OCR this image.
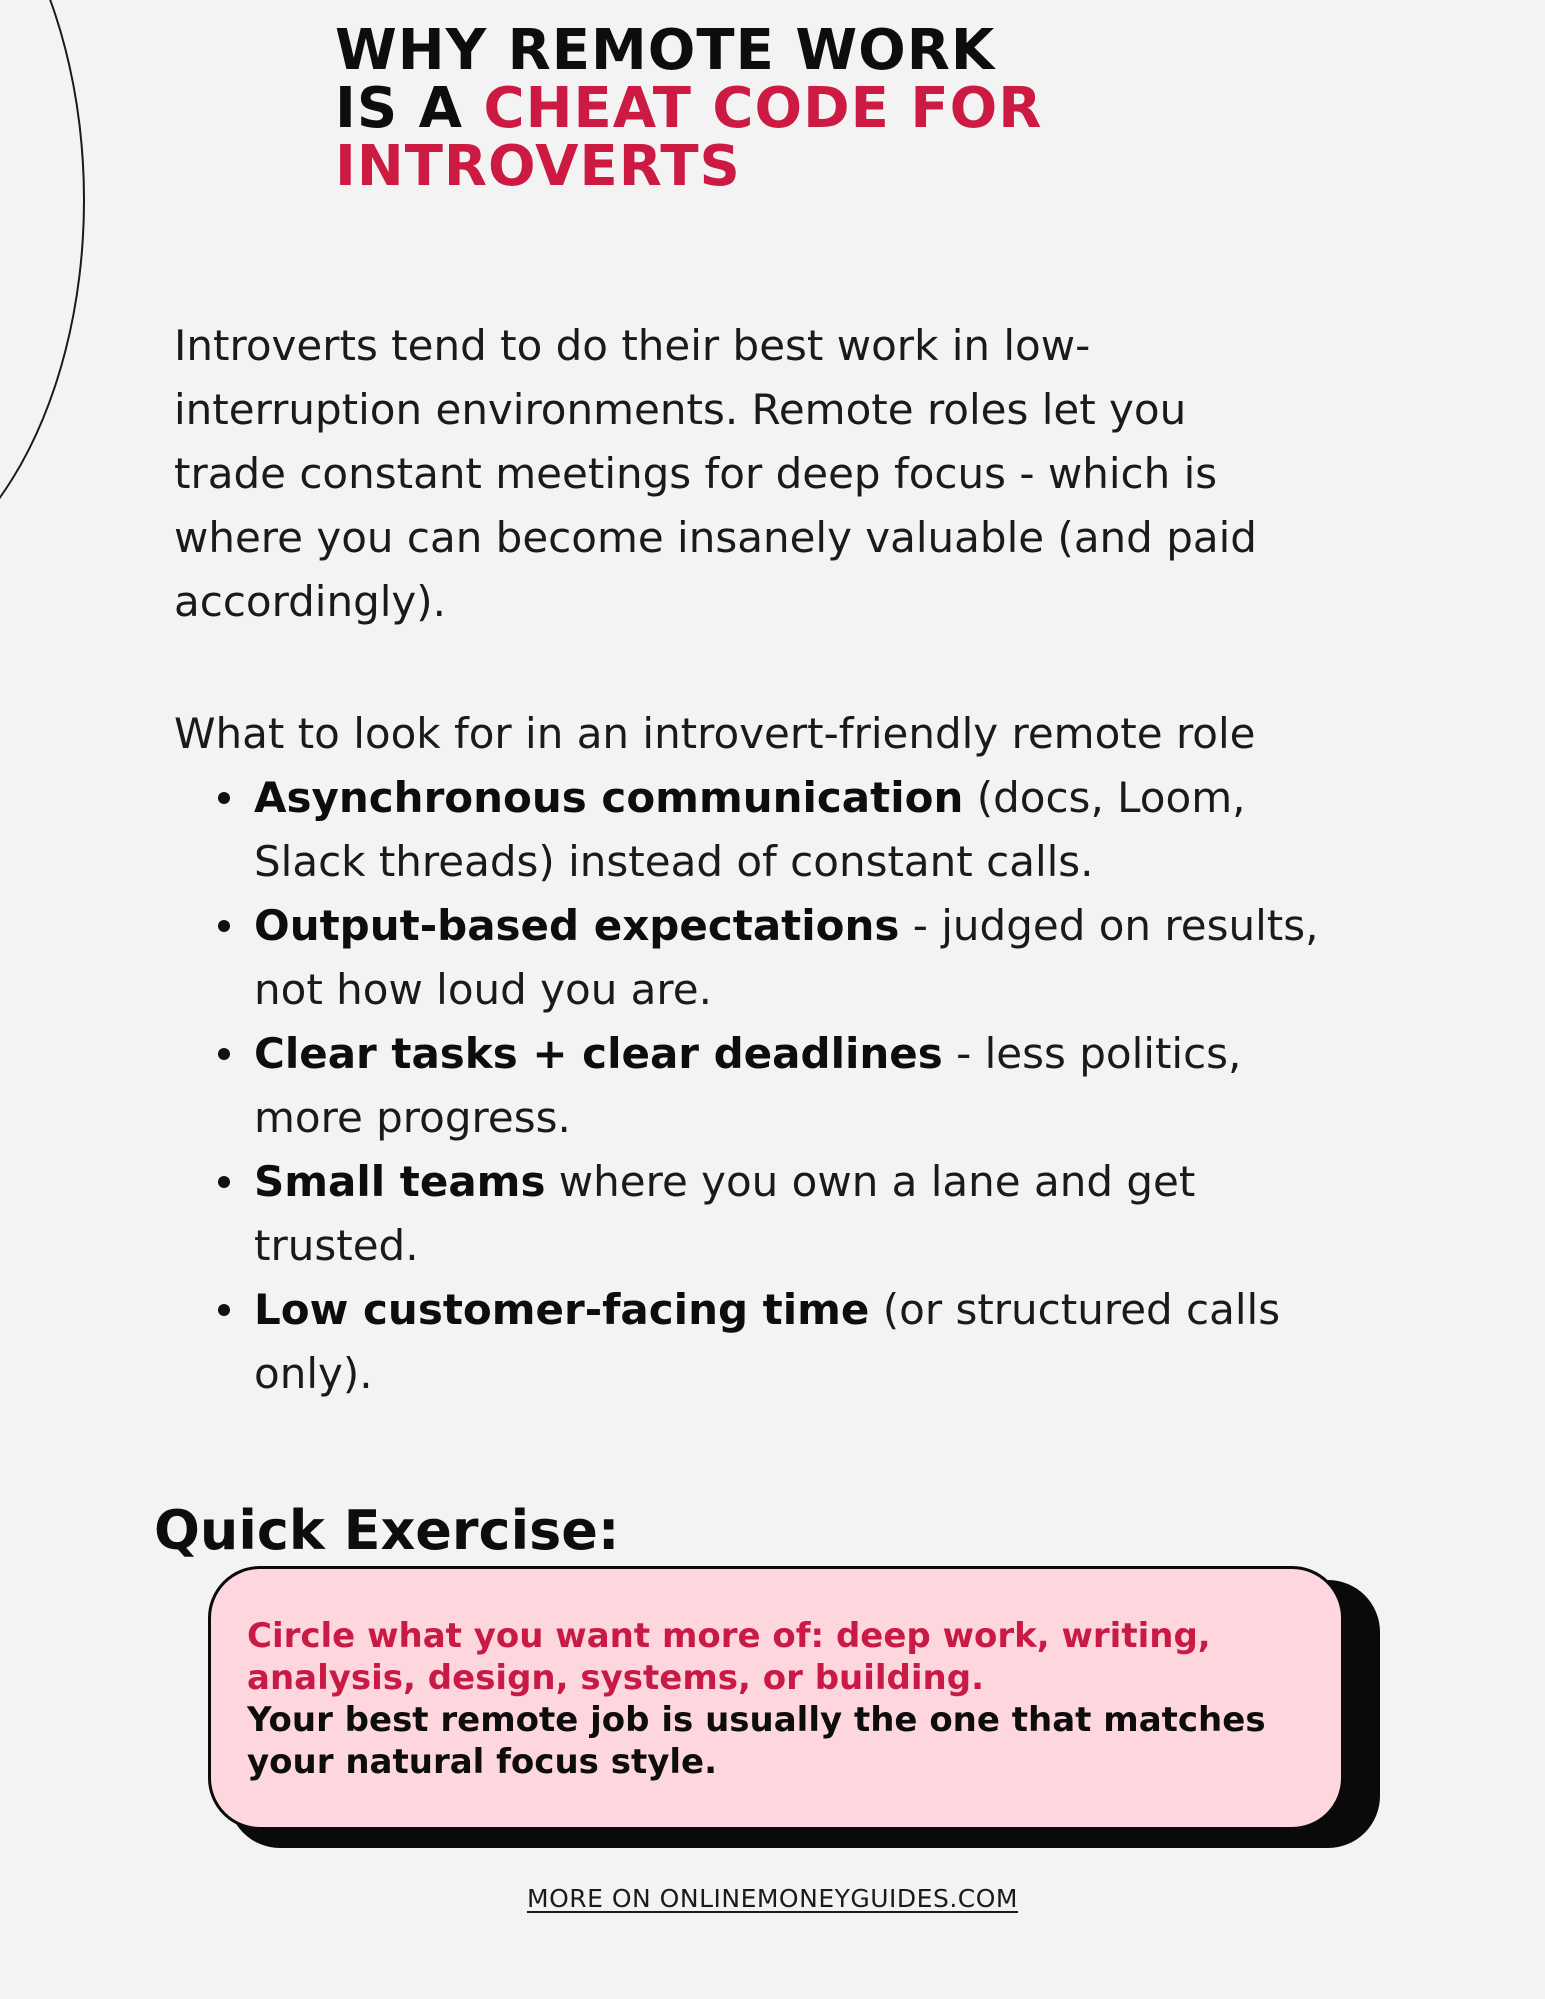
WHY REMOTE WORK
IS A CHEAT CODE FOR
INTROVERTS

Introverts tend to do their best work in low-
interruption environments. Remote roles let you
trade constant meetings for deep focus - which is
where you can become insanely valuable (and paid
accordingly).

What to look for in an introvert-friendly remote role
Asynchronous communication (docs, Loom,
Slack threads) instead of constant calls.
Output-based expectations - judged on results,
not how loud you are.
Clear tasks + clear deadlines - less politics,
more progress.
Small teams where you own a lane and get
trusted.
Low customer-facing time (or structured calls
only).
Quick Exercise:
Circle what you want more of: deep work, writing,
analysis, design, systems, or building.
Your best remote job is usually the one that matches
your natural focus style.
MORE ON ONLINEMONEYGUIDES.COM
